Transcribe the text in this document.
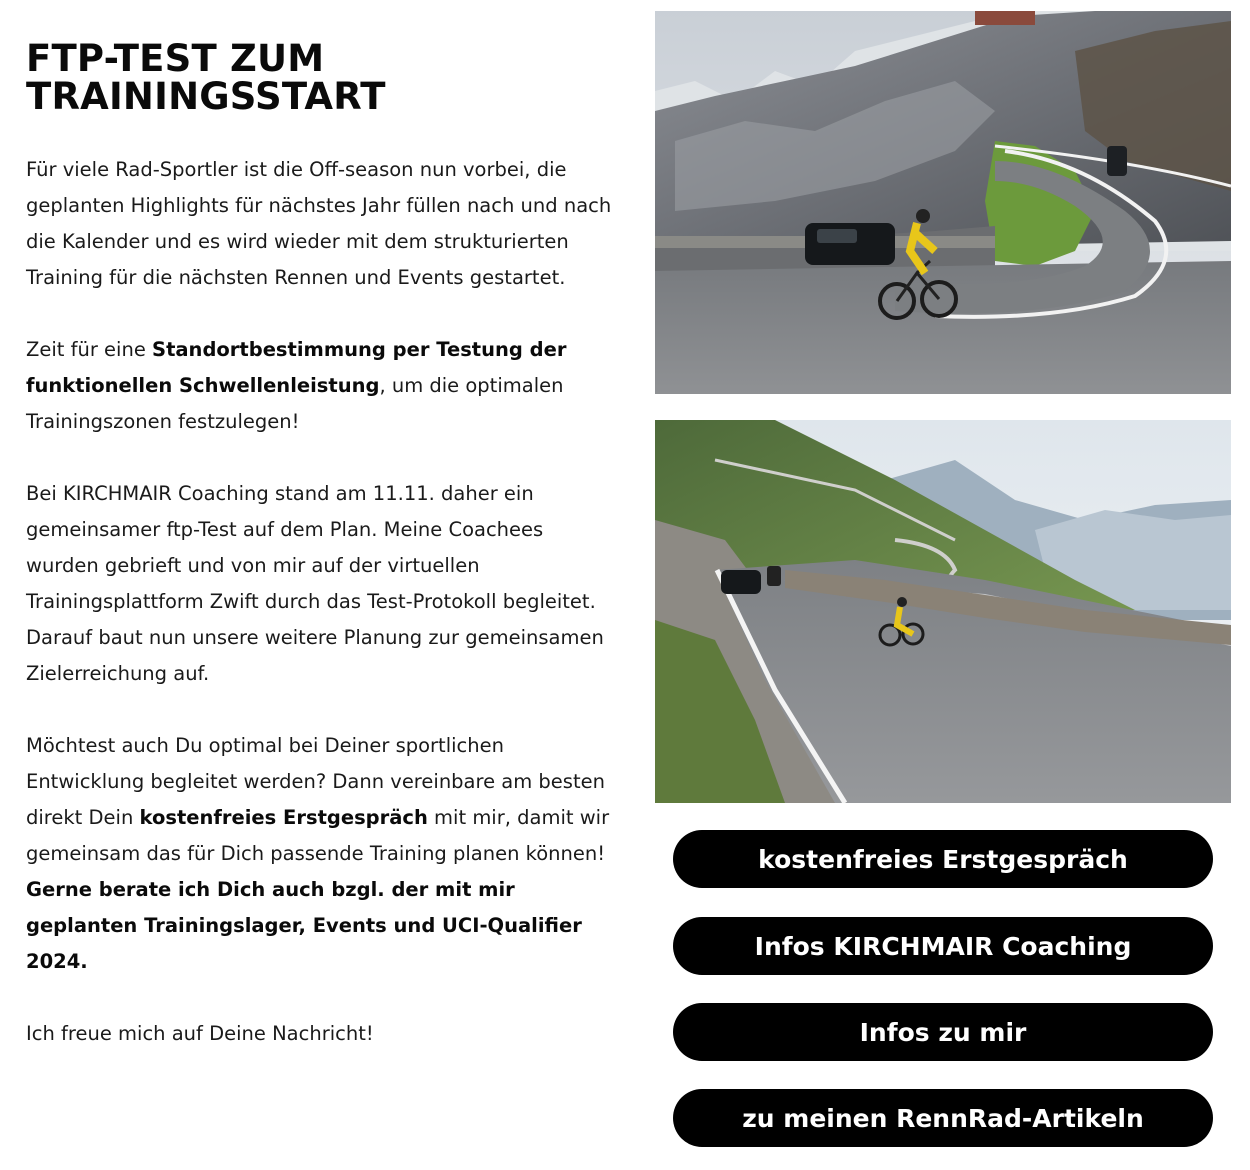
FTP-TEST ZUM
TRAININGSSTART

Für viele Rad-Sportler ist die Off-season nun vorbei, die geplanten Highlights für nächstes Jahr füllen nach und nach die Kalender und es wird wieder mit dem strukturierten Training für die nächsten Rennen und Events gestartet.

Zeit für eine Standortbestimmung per Testung der funktionellen Schwellenleistung, um die optimalen Trainingszonen festzulegen!

Bei KIRCHMAIR Coaching stand am 11.11. daher ein gemeinsamer ftp-Test auf dem Plan. Meine Coachees wurden gebrieft und von mir auf der virtuellen Trainingsplattform Zwift durch das Test-Protokoll begleitet. Darauf baut nun unsere weitere Planung zur gemeinsamen Zielerreichung auf.

Möchtest auch Du optimal bei Deiner sportlichen Entwicklung begleitet werden? Dann vereinbare am besten direkt Dein kostenfreies Erstgespräch mit mir, damit wir gemeinsam das für Dich passende Training planen können! Gerne berate ich Dich auch bzgl. der mit mir geplanten Trainingslager, Events und UCI-Qualifier 2024.

Ich freue mich auf Deine Nachricht!

kostenfreies Erstgespräch
Infos KIRCHMAIR Coaching
Infos zu mir
zu meinen RennRad-Artikeln
